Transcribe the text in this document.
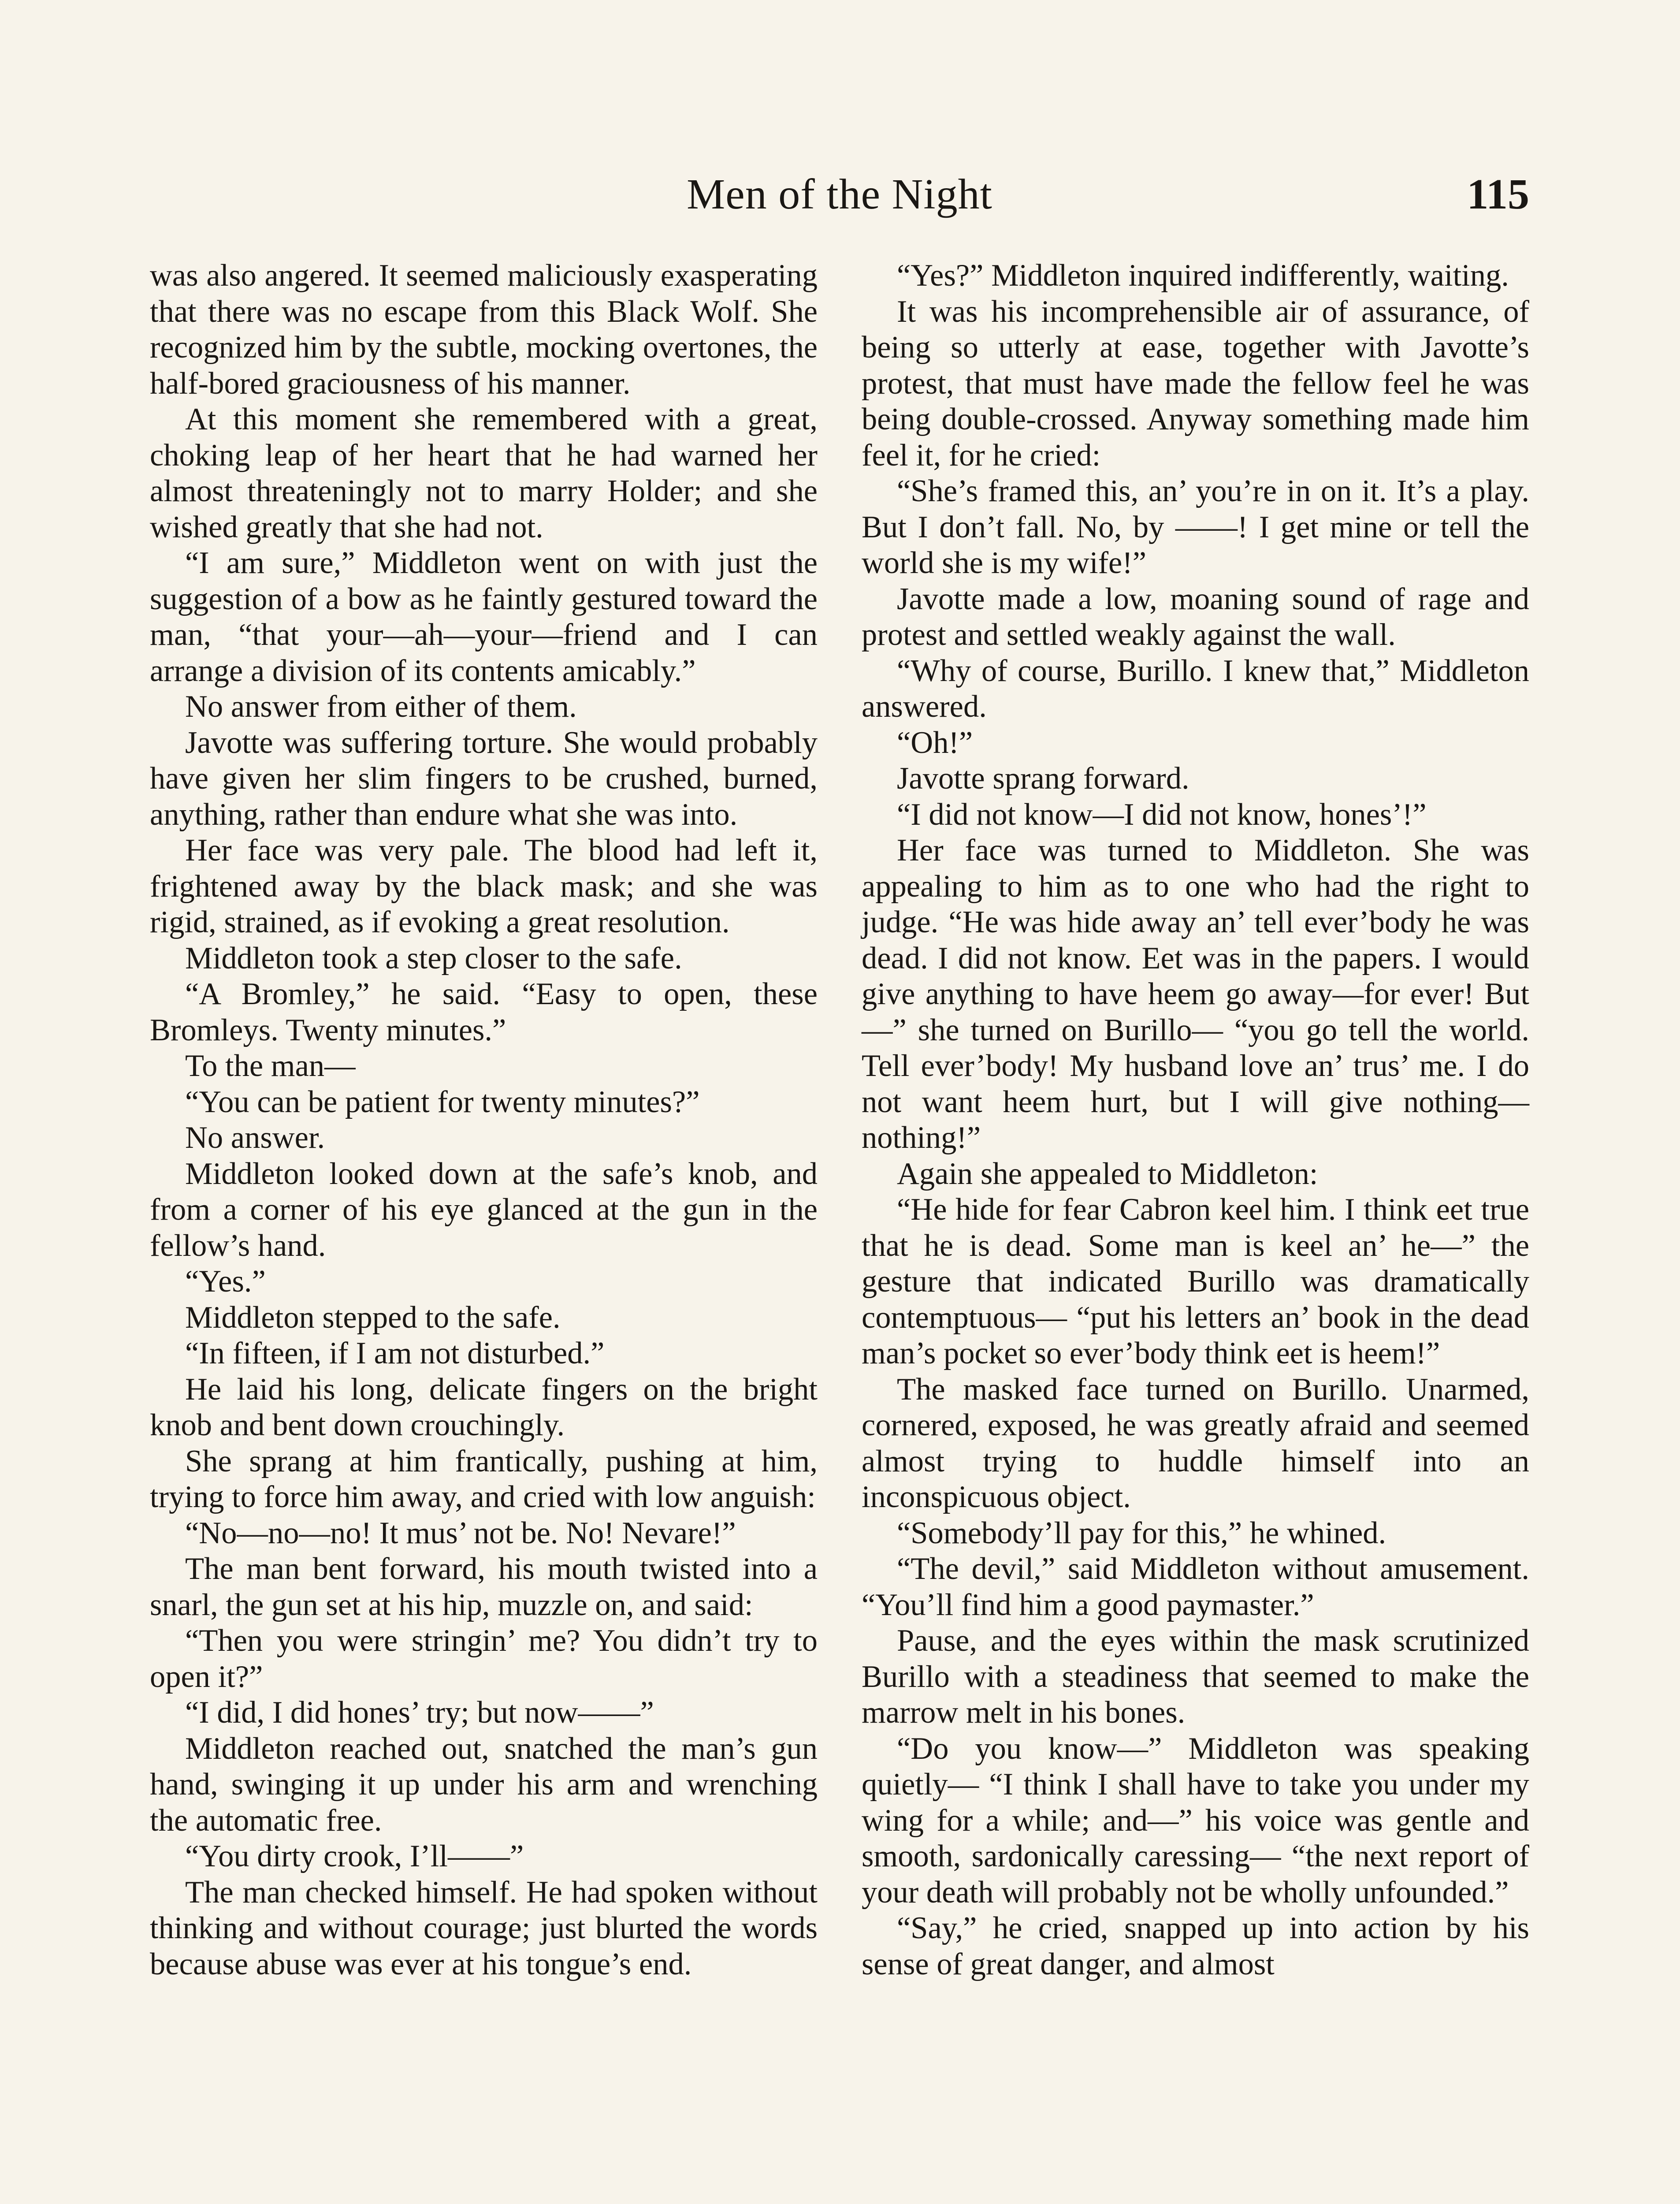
Men of the Night	115

was also angered. It seemed maliciously exasperating that there was no escape from this Black Wolf. She recognized him by the subtle, mocking overtones, the half-bored graciousness of his manner.

At this moment she remembered with a great, choking leap of her heart that he had warned her almost threateningly not to marry Holder; and she wished greatly that she had not.

“I am sure,” Middleton went on with just the suggestion of a bow as he faintly gestured toward the man, “that your—ah—your—friend and I can arrange a division of its contents amicably.”

No answer from either of them.

Javotte was suffering torture. She would probably have given her slim fingers to be crushed, burned, anything, rather than endure what she was into.

Her face was very pale. The blood had left it, frightened away by the black mask; and she was rigid, strained, as if evoking a great resolution.

Middleton took a step closer to the safe.

“A Bromley,” he said. “Easy to open, these Bromleys. Twenty minutes.”

To the man—

“You can be patient for twenty minutes?”

No answer.

Middleton looked down at the safe’s knob, and from a corner of his eye glanced at the gun in the fellow’s hand.

“Yes.”

Middleton stepped to the safe.

“In fifteen, if I am not disturbed.”

He laid his long, delicate fingers on the bright knob and bent down crouchingly.

She sprang at him frantically, pushing at him, trying to force him away, and cried with low anguish:

“No—no—no! It mus’ not be. No! Nevare!”

The man bent forward, his mouth twisted into a snarl, the gun set at his hip, muzzle on, and said:

“Then you were stringin’ me? You didn’t try to open it?”

“I did, I did hones’ try; but now——”

Middleton reached out, snatched the man’s gun hand, swinging it up under his arm and wrenching the automatic free.

“You dirty crook, I’ll——”

The man checked himself. He had spoken without thinking and without courage; just blurted the words because abuse was ever at his tongue’s end.

“Yes?” Middleton inquired indifferently, waiting.

It was his incomprehensible air of assurance, of being so utterly at ease, together with Javotte’s protest, that must have made the fellow feel he was being double-crossed. Anyway something made him feel it, for he cried:

“She’s framed this, an’ you’re in on it. It’s a play. But I don’t fall. No, by ——! I get mine or tell the world she is my wife!”

Javotte made a low, moaning sound of rage and protest and settled weakly against the wall.

“Why of course, Burillo. I knew that,” Middleton answered.

“Oh!”

Javotte sprang forward.

“I did not know—I did not know, hones’!”

Her face was turned to Middleton. She was appealing to him as to one who had the right to judge. “He was hide away an’ tell ever’body he was dead. I did not know. Eet was in the papers. I would give anything to have heem go away—for ever! But—” she turned on Burillo— “you go tell the world. Tell ever’body! My husband love an’ trus’ me. I do not want heem hurt, but I will give nothing—nothing!”

Again she appealed to Middleton:

“He hide for fear Cabron keel him. I think eet true that he is dead. Some man is keel an’ he—” the gesture that indicated Burillo was dramatically contemptuous— “put his letters an’ book in the dead man’s pocket so ever’body think eet is heem!”

The masked face turned on Burillo. Unarmed, cornered, exposed, he was greatly afraid and seemed almost trying to huddle himself into an inconspicuous object.

“Somebody’ll pay for this,” he whined.

“The devil,” said Middleton without amusement. “You’ll find him a good paymaster.”

Pause, and the eyes within the mask scrutinized Burillo with a steadiness that seemed to make the marrow melt in his bones.

“Do you know—” Middleton was speaking quietly— “I think I shall have to take you under my wing for a while; and—” his voice was gentle and smooth, sardonically caressing— “the next report of your death will probably not be wholly unfounded.”

“Say,” he cried, snapped up into action by his sense of great danger, and almost
